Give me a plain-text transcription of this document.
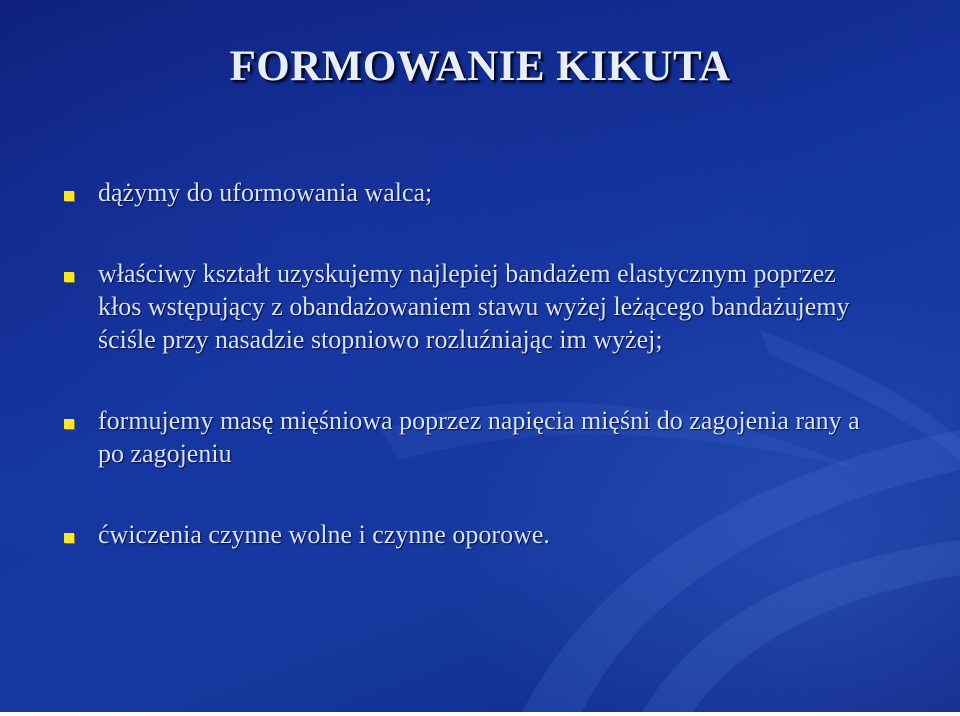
FORMOWANIE KIKUTA
dążymy do uformowania walca;
właściwy kształt uzyskujemy najlepiej bandażem elastycznym poprzez kłos wstępujący z obandażowaniem stawu wyżej leżącego bandażujemy ściśle przy nasadzie stopniowo rozluźniając im wyżej;
formujemy masę mięśniowa poprzez napięcia mięśni do zagojenia rany a po zagojeniu
ćwiczenia czynne wolne i czynne oporowe.
